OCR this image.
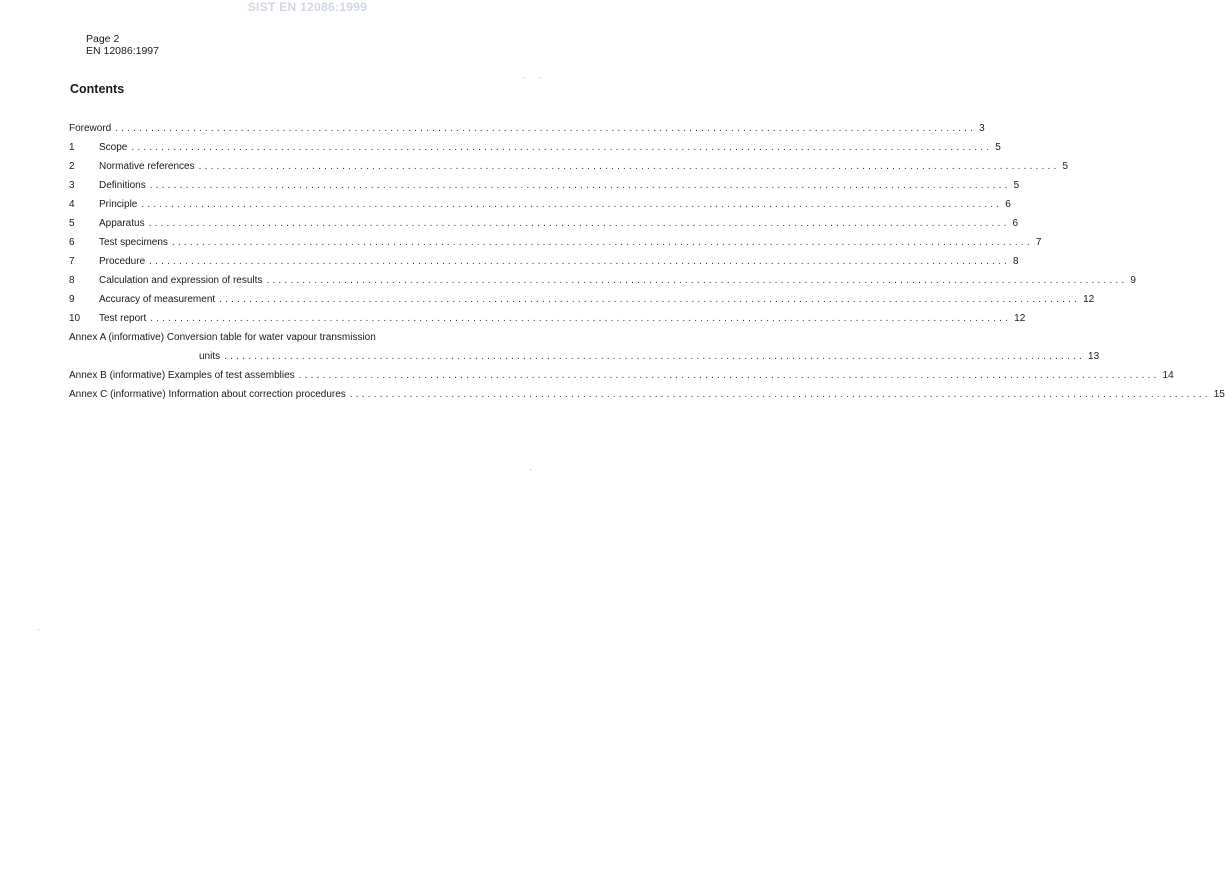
SIST EN 12086:1999
Page 2
EN 12086:1997
Contents
Foreword ................................................................................................................................................ 3
1	Scope ................................................................................................................................................ 5
2	Normative references ................................................................................................................................................ 5
3	Definitions ................................................................................................................................................ 5
4	Principle ................................................................................................................................................ 6
5	Apparatus ................................................................................................................................................ 6
6	Test specimens ................................................................................................................................................ 7
7	Procedure ................................................................................................................................................ 8
8	Calculation and expression of results ................................................................................................................................................ 9
9	Accuracy of measurement ................................................................................................................................................ 12
10	Test report ................................................................................................................................................ 12
Annex A (informative) Conversion table for water vapour transmission
units ................................................................................................................................................ 13
Annex B (informative) Examples of test assemblies ................................................................................................................................................ 14
Annex C (informative) Information about correction procedures ................................................................................................................................................ 15
